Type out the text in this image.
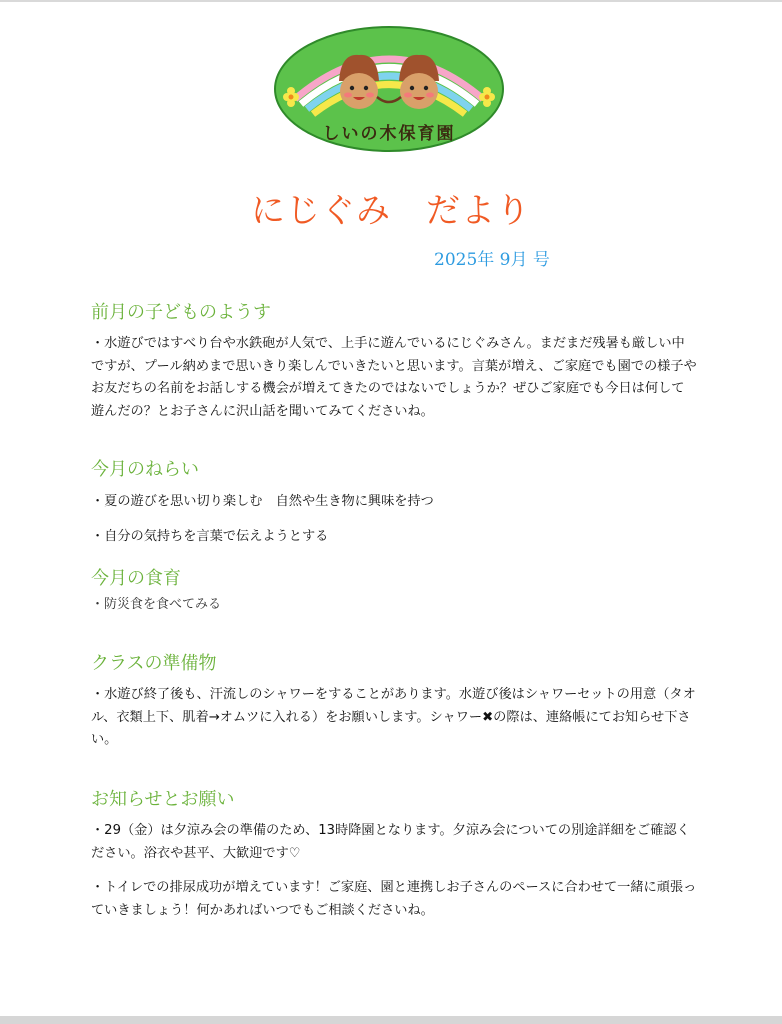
しいの木保育園
にじぐみ　だより
2025年 9月 号
前月の子どものようす

・水遊びではすべり台や水鉄砲が人気で、上手に遊んでいるにじぐみさん。まだまだ残暑も厳しい中ですが、プール納めまで思いきり楽しんでいきたいと思います。言葉が増え、ご家庭でも園での様子やお友だちの名前をお話しする機会が増えてきたのではないでしょうか？ぜひご家庭でも今日は何して遊んだの？とお子さんに沢山話を聞いてみてくださいね。

今月のねらい

・夏の遊びを思い切り楽しむ　自然や生き物に興味を持つ

・自分の気持ちを言葉で伝えようとする

今月の食育

・防災食を食べてみる

クラスの準備物

・水遊び終了後も、汗流しのシャワーをすることがあります。水遊び後はシャワーセットの用意（タオル、衣類上下、肌着→オムツに入れる）をお願いします。シャワー✖の際は、連絡帳にてお知らせ下さい。

お知らせとお願い

・29（金）は夕涼み会の準備のため、13時降園となります。夕涼み会についての別途詳細をご確認ください。浴衣や甚平、大歓迎です♡

・トイレでの排尿成功が増えています！ご家庭、園と連携しお子さんのペースに合わせて一緒に頑張っていきましょう！何かあればいつでもご相談くださいね。
